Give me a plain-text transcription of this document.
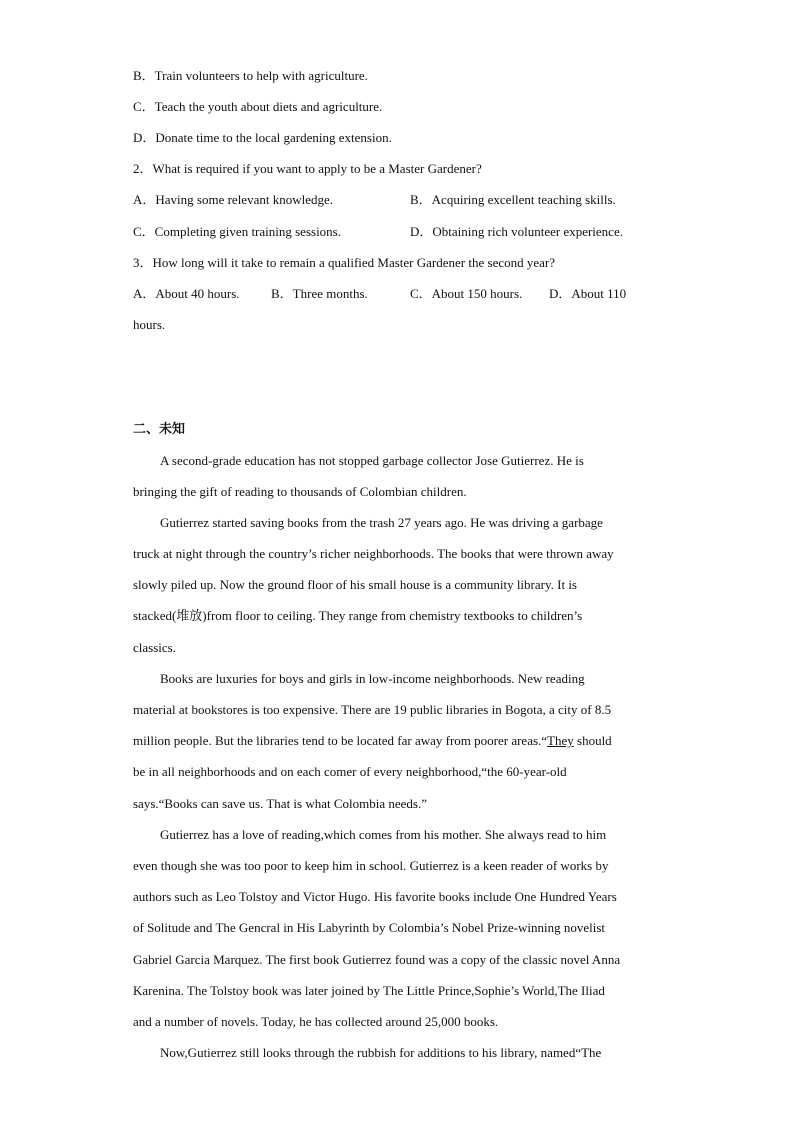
B．Train volunteers to help with agriculture.
C．Teach the youth about diets and agriculture.
D．Donate time to the local gardening extension.
2．What is required if you want to apply to be a Master Gardener?
A．Having some relevant knowledge.	B．Acquiring excellent teaching skills.
C．Completing given training sessions.	D．Obtaining rich volunteer experience.
3．How long will it take to remain a qualified Master Gardener the second year?
A．About 40 hours. B．Three months.	C．About 150 hours. D．About 110
hours.
二、未知
A second-grade education has not stopped garbage collector Jose Gutierrez. He is
bringing the gift of reading to thousands of Colombian children.
Gutierrez started saving books from the trash 27 years ago. He was driving a garbage
truck at night through the country’s richer neighborhoods. The books that were thrown away
slowly piled up. Now the ground floor of his small house is a community library. It is
stacked(堆放)from floor to ceiling. They range from chemistry textbooks to children’s
classics.
Books are luxuries for boys and girls in low-income neighborhoods. New reading
material at bookstores is too expensive. There are 19 public libraries in Bogota, a city of 8.5
million people. But the libraries tend to be located far away from poorer areas.“They should
be in all neighborhoods and on each comer of every neighborhood,“the 60-year-old
says.“Books can save us. That is what Colombia needs.”
Gutierrez has a love of reading,which comes from his mother. She always read to him
even though she was too poor to keep him in school. Gutierrez is a keen reader of works by
authors such as Leo Tolstoy and Victor Hugo. His favorite books include One Hundred Years
of Solitude and The Gencral in His Labyrinth by Colombia’s Nobel Prize-winning novelist
Gabriel Garcia Marquez. The first book Gutierrez found was a copy of the classic novel Anna
Karenina. The Tolstoy book was later joined by The Little Prince,Sophie’s World,The Iliad
and a number of novels. Today, he has collected around 25,000 books.
Now,Gutierrez still looks through the rubbish for additions to his library, named“The
